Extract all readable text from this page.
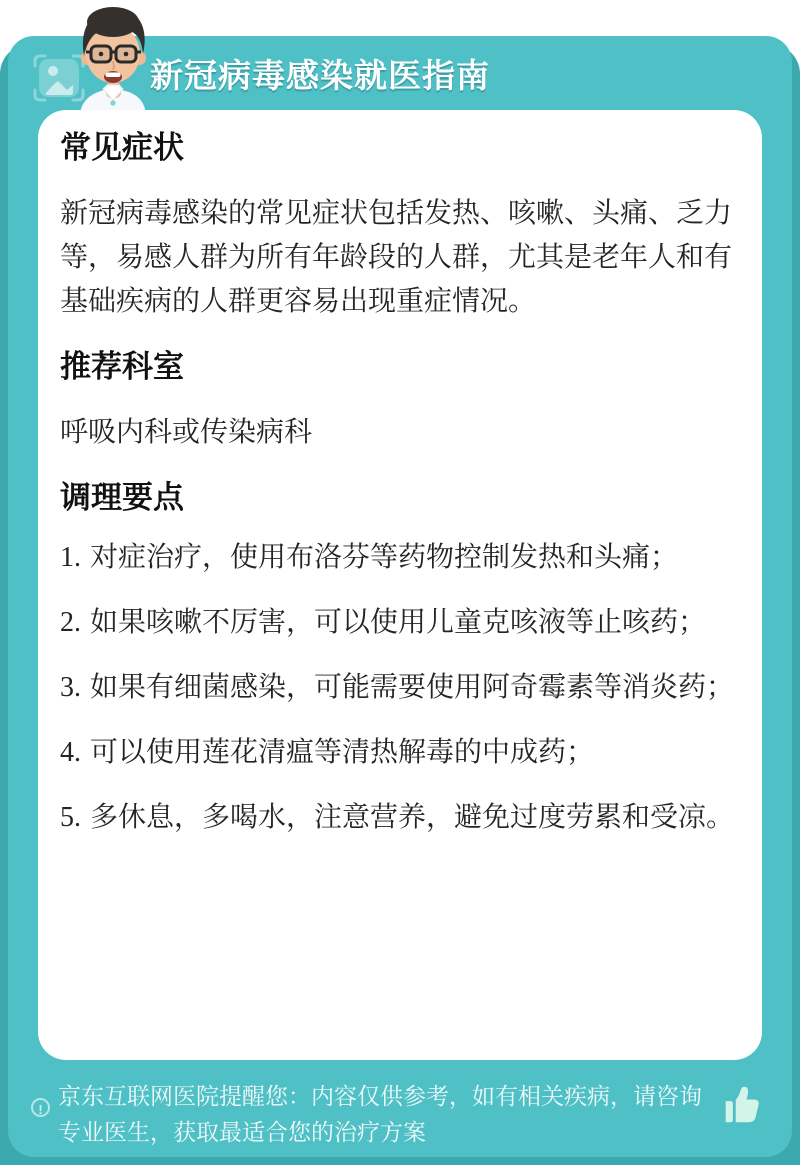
新冠病毒感染就医指南
常见症状

新冠病毒感染的常见症状包括发热、咳嗽、头痛、乏力等，易感人群为所有年龄段的人群，尤其是老年人和有基础疾病的人群更容易出现重症情况。

推荐科室

呼吸内科或传染病科

调理要点

1. 对症治疗，使用布洛芬等药物控制发热和头痛；

2. 如果咳嗽不厉害，可以使用儿童克咳液等止咳药；

3. 如果有细菌感染，可能需要使用阿奇霉素等消炎药；

4. 可以使用莲花清瘟等清热解毒的中成药；

5. 多休息，多喝水，注意营养，避免过度劳累和受凉。

!
京东互联网医院提醒您：内容仅供参考，如有相关疾病，请咨询专业医生，获取最适合您的治疗方案
